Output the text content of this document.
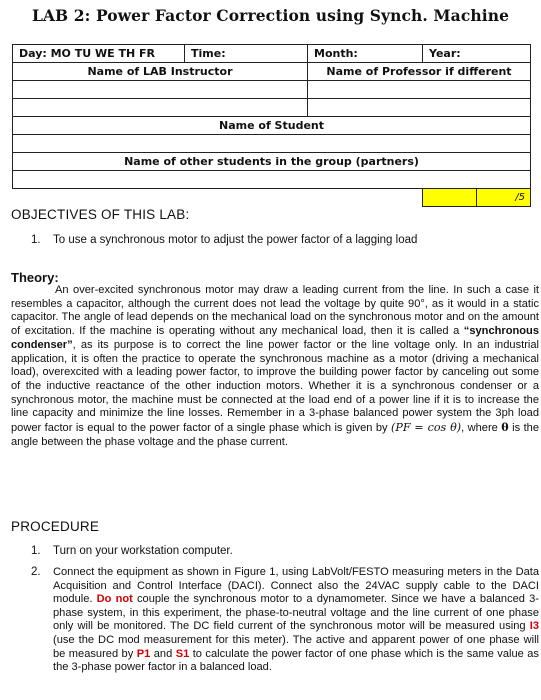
LAB 2: Power Factor Correction using Synch. Machine
Day: MO TU WE TH FR	Time:	Month:	Year:
Name of LAB Instructor		Name of Professor if different	

Name of Student			

Name of other students in the group (partners)			

			/5
OBJECTIVES OF THIS LAB:
1. To use a synchronous motor to adjust the power factor of a lagging load
Theory:
An over-excited synchronous motor may draw a leading current from the line. In such a case it resembles a capacitor, although the current does not lead the voltage by quite 90°, as it would in a static capacitor. The angle of lead depends on the mechanical load on the synchronous motor and on the amount of excitation. If the machine is operating without any mechanical load, then it is called a “synchronous condenser”, as its purpose is to correct the line power factor or the line voltage only. In an industrial application, it is often the practice to operate the synchronous machine as a motor (driving a mechanical load), overexcited with a leading power factor, to improve the building power factor by canceling out some of the inductive reactance of the other induction motors. Whether it is a synchronous condenser or a synchronous motor, the machine must be connected at the load end of a power line if it is to increase the line capacity and minimize the line losses. Remember in a 3-phase balanced power system the 3ph load power factor is equal to the power factor of a single phase which is given by (PF = cos θ), where θ is the angle between the phase voltage and the phase current.
PROCEDURE
1. Turn on your workstation computer.
2. Connect the equipment as shown in Figure 1, using LabVolt/FESTO measuring meters in the Data Acquisition and Control Interface (DACI). Connect also the 24VAC supply cable to the DACI module. Do not couple the synchronous motor to a dynamometer. Since we have a balanced 3-phase system, in this experiment, the phase-to-neutral voltage and the line current of one phase only will be monitored. The DC field current of the synchronous motor will be measured using I3 (use the DC mod measurement for this meter). The active and apparent power of one phase will be measured by P1 and S1 to calculate the power factor of one phase which is the same value as the 3-phase power factor in a balanced load.
